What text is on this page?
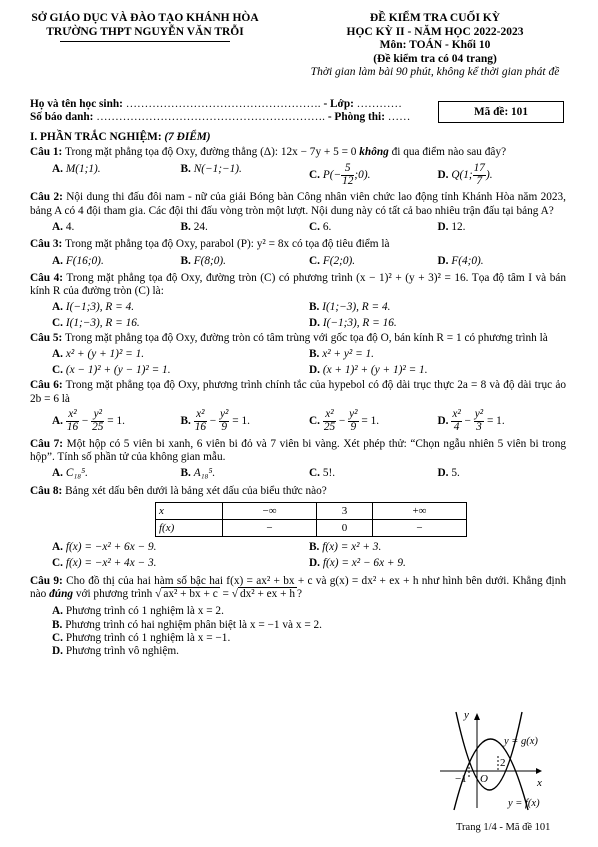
SỞ GIÁO DỤC VÀ ĐÀO TẠO KHÁNH HÒA
TRƯỜNG THPT NGUYỄN VĂN TRỖI
ĐỀ KIỂM TRA CUỐI KỲ
HỌC KỲ II - NĂM HỌC 2022-2023
Môn: TOÁN - Khối 10
(Đề kiểm tra có 04 trang)
Thời gian làm bài 90 phút, không kể thời gian phát đề
Họ và tên học sinh: ……………………………………………. - Lớp: …………
Số báo danh: ……………………………………………………. - Phòng thi: ……	Mã đề: 101
I. PHẦN TRẮC NGHIỆM: (7 ĐIỂM)
Câu 1: Trong mặt phẳng tọa độ Oxy, đường thẳng (Δ): 12x − 7y + 5 = 0 không đi qua điểm nào sau đây?
A. M(1;1).	B. N(−1;−1).	C. $P(- \frac{5}{12}$ ;0).	D. Q(1; $\frac{17}{7}$ ).
Câu 2: Nội dung thi đấu đôi nam - nữ của giải Bóng bàn Công nhân viên chức lao động tỉnh Khánh Hòa năm 2023, bảng A có 4 đội tham gia. Các đội thi đấu vòng tròn một lượt. Nội dung này có tất cả bao nhiêu trận đấu tại bảng A?
A. 4.	B. 24.	C. 6.	D. 12.
Câu 3: Trong mặt phẳng tọa độ Oxy, parabol (P): y² = 8x có tọa độ tiêu điểm là
A. F(16;0).	B. F(8;0).	C. F(2;0).	D. F(4;0).
Câu 4: Trong mặt phẳng tọa độ Oxy, đường tròn (C) có phương trình (x − 1)² + (y + 3)² = 16. Tọa độ tâm I và bán kính R của đường tròn (C) là:
A. I(−1;3), R = 4.	B. I(1;−3), R = 4.
C. I(1;−3), R = 16.	D. I(−1;3), R = 16.
Câu 5: Trong mặt phẳng tọa độ Oxy, đường tròn có tâm trùng với gốc tọa độ O, bán kính R = 1 có phương trình là
A. x² + (y + 1)² = 1.	B. x² + y² = 1.
C. (x − 1)² + (y − 1)² = 1.	D. (x + 1)² + (y + 1)² = 1.
Câu 6: Trong mặt phẳng tọa độ Oxy, phương trình chính tắc của hypebol có độ dài trục thực 2a = 8 và độ dài trục ảo 2b = 6 là
A. $\frac{\text{x²}}{16} - \frac{\text{y²}}{25} = 1$.	B. $\frac{\text{x²}}{16} - \frac{\text{y²}}{9} = 1$.	C. $\frac{\text{x²}}{25} - \frac{\text{y²}}{9} = 1$.	D. $\frac{\text{x²}}{4} - \frac{\text{y²}}{3} = 1$.
Câu 7: Một hộp có 5 viên bi xanh, 6 viên bi đỏ và 7 viên bi vàng. Xét phép thử: “Chọn ngẫu nhiên 5 viên bi trong hộp”. Tính số phần tử của không gian mẫu.
A. C₁₈⁵.	B. A₁₈⁵.	C. 5!.	D. 5.
Câu 8: Bảng xét dấu bên dưới là bảng xét dấu của biểu thức nào?
x	−∞	3	+∞
f(x)	−	0	−
A. f(x) = −x² + 6x − 9.	B. f(x) = x² + 3.
C. f(x) = −x² + 4x − 3.	D. f(x) = x² − 6x + 9.
Câu 9: Cho đồ thị của hai hàm số bậc hai f(x) = ax² + bx + c và g(x) = dx² + ex + h như hình bên dưới. Khẳng định nào đúng với phương trình √ ax² + bx + c = √ dx² + ex + h ?
A. Phương trình có 1 nghiệm là x = 2.
B. Phương trình có hai nghiệm phân biệt là x = −1 và x = 2.
C. Phương trình có 1 nghiệm là x = −1.
D. Phương trình vô nghiệm.
y
x
O
−1
2
y = g(x)
y = f(x)
Trang 1/4 - Mã đề 101
